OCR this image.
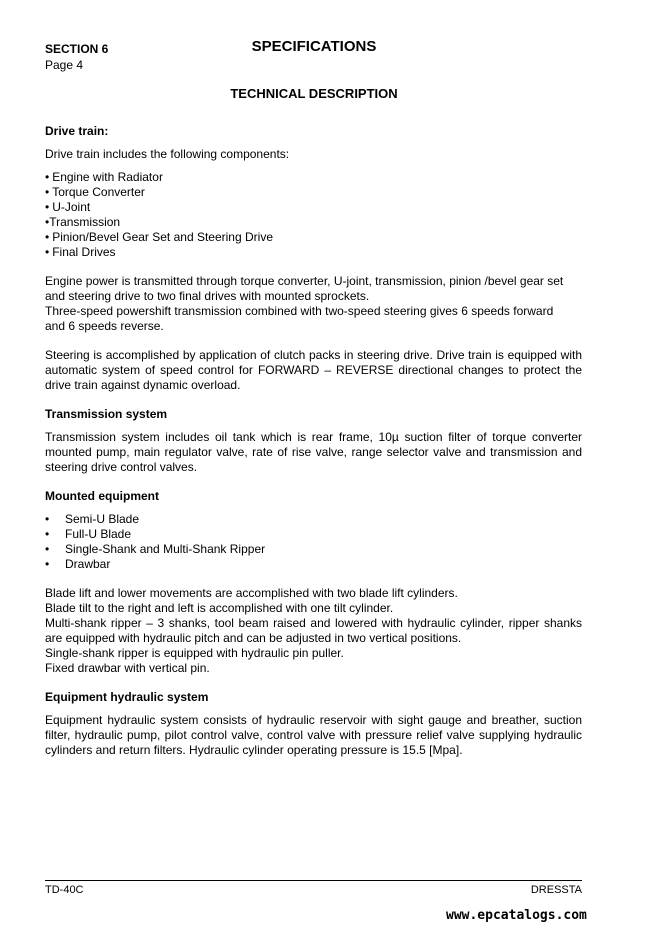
SECTION 6
Page 4
SPECIFICATIONS
TECHNICAL DESCRIPTION
Drive train:

Drive train includes the following components:

• Engine with Radiator
• Torque Converter
• U-Joint
• Transmission
• Pinion/Bevel Gear Set and Steering Drive
• Final Drives
Engine power is transmitted through torque converter, U-joint, transmission, pinion /bevel gear set
and steering drive to two final drives with mounted sprockets.
Three-speed powershift transmission combined with two-speed steering gives 6 speeds forward
and 6 speeds reverse.

Steering is accomplished by application of clutch packs in steering drive. Drive train is equipped with automatic system of speed control for FORWARD – REVERSE directional changes to protect the drive train against dynamic overload.

Transmission system

Transmission system includes oil tank which is rear frame, 10µ suction filter of torque converter mounted pump, main regulator valve, rate of rise valve, range selector valve and transmission and steering drive control valves.

Mounted equipment
• Semi-U Blade
• Full-U Blade
• Single-Shank and Multi-Shank Ripper
• Drawbar

Blade lift and lower movements are accomplished with two blade lift cylinders.

Blade tilt to the right and left is accomplished with one tilt cylinder.

Multi-shank ripper – 3 shanks, tool beam raised and lowered with hydraulic cylinder, ripper shanks are equipped with hydraulic pitch and can be adjusted in two vertical positions.

Single-shank ripper is equipped with hydraulic pin puller.

Fixed drawbar with vertical pin.

Equipment hydraulic system

Equipment hydraulic system consists of hydraulic reservoir with sight gauge and breather, suction filter, hydraulic pump, pilot control valve, control valve with pressure relief valve supplying hydraulic cylinders and return filters. Hydraulic cylinder operating pressure is 15.5 [Mpa].

TD-40C	DRESSTA
www.epcatalogs.com
